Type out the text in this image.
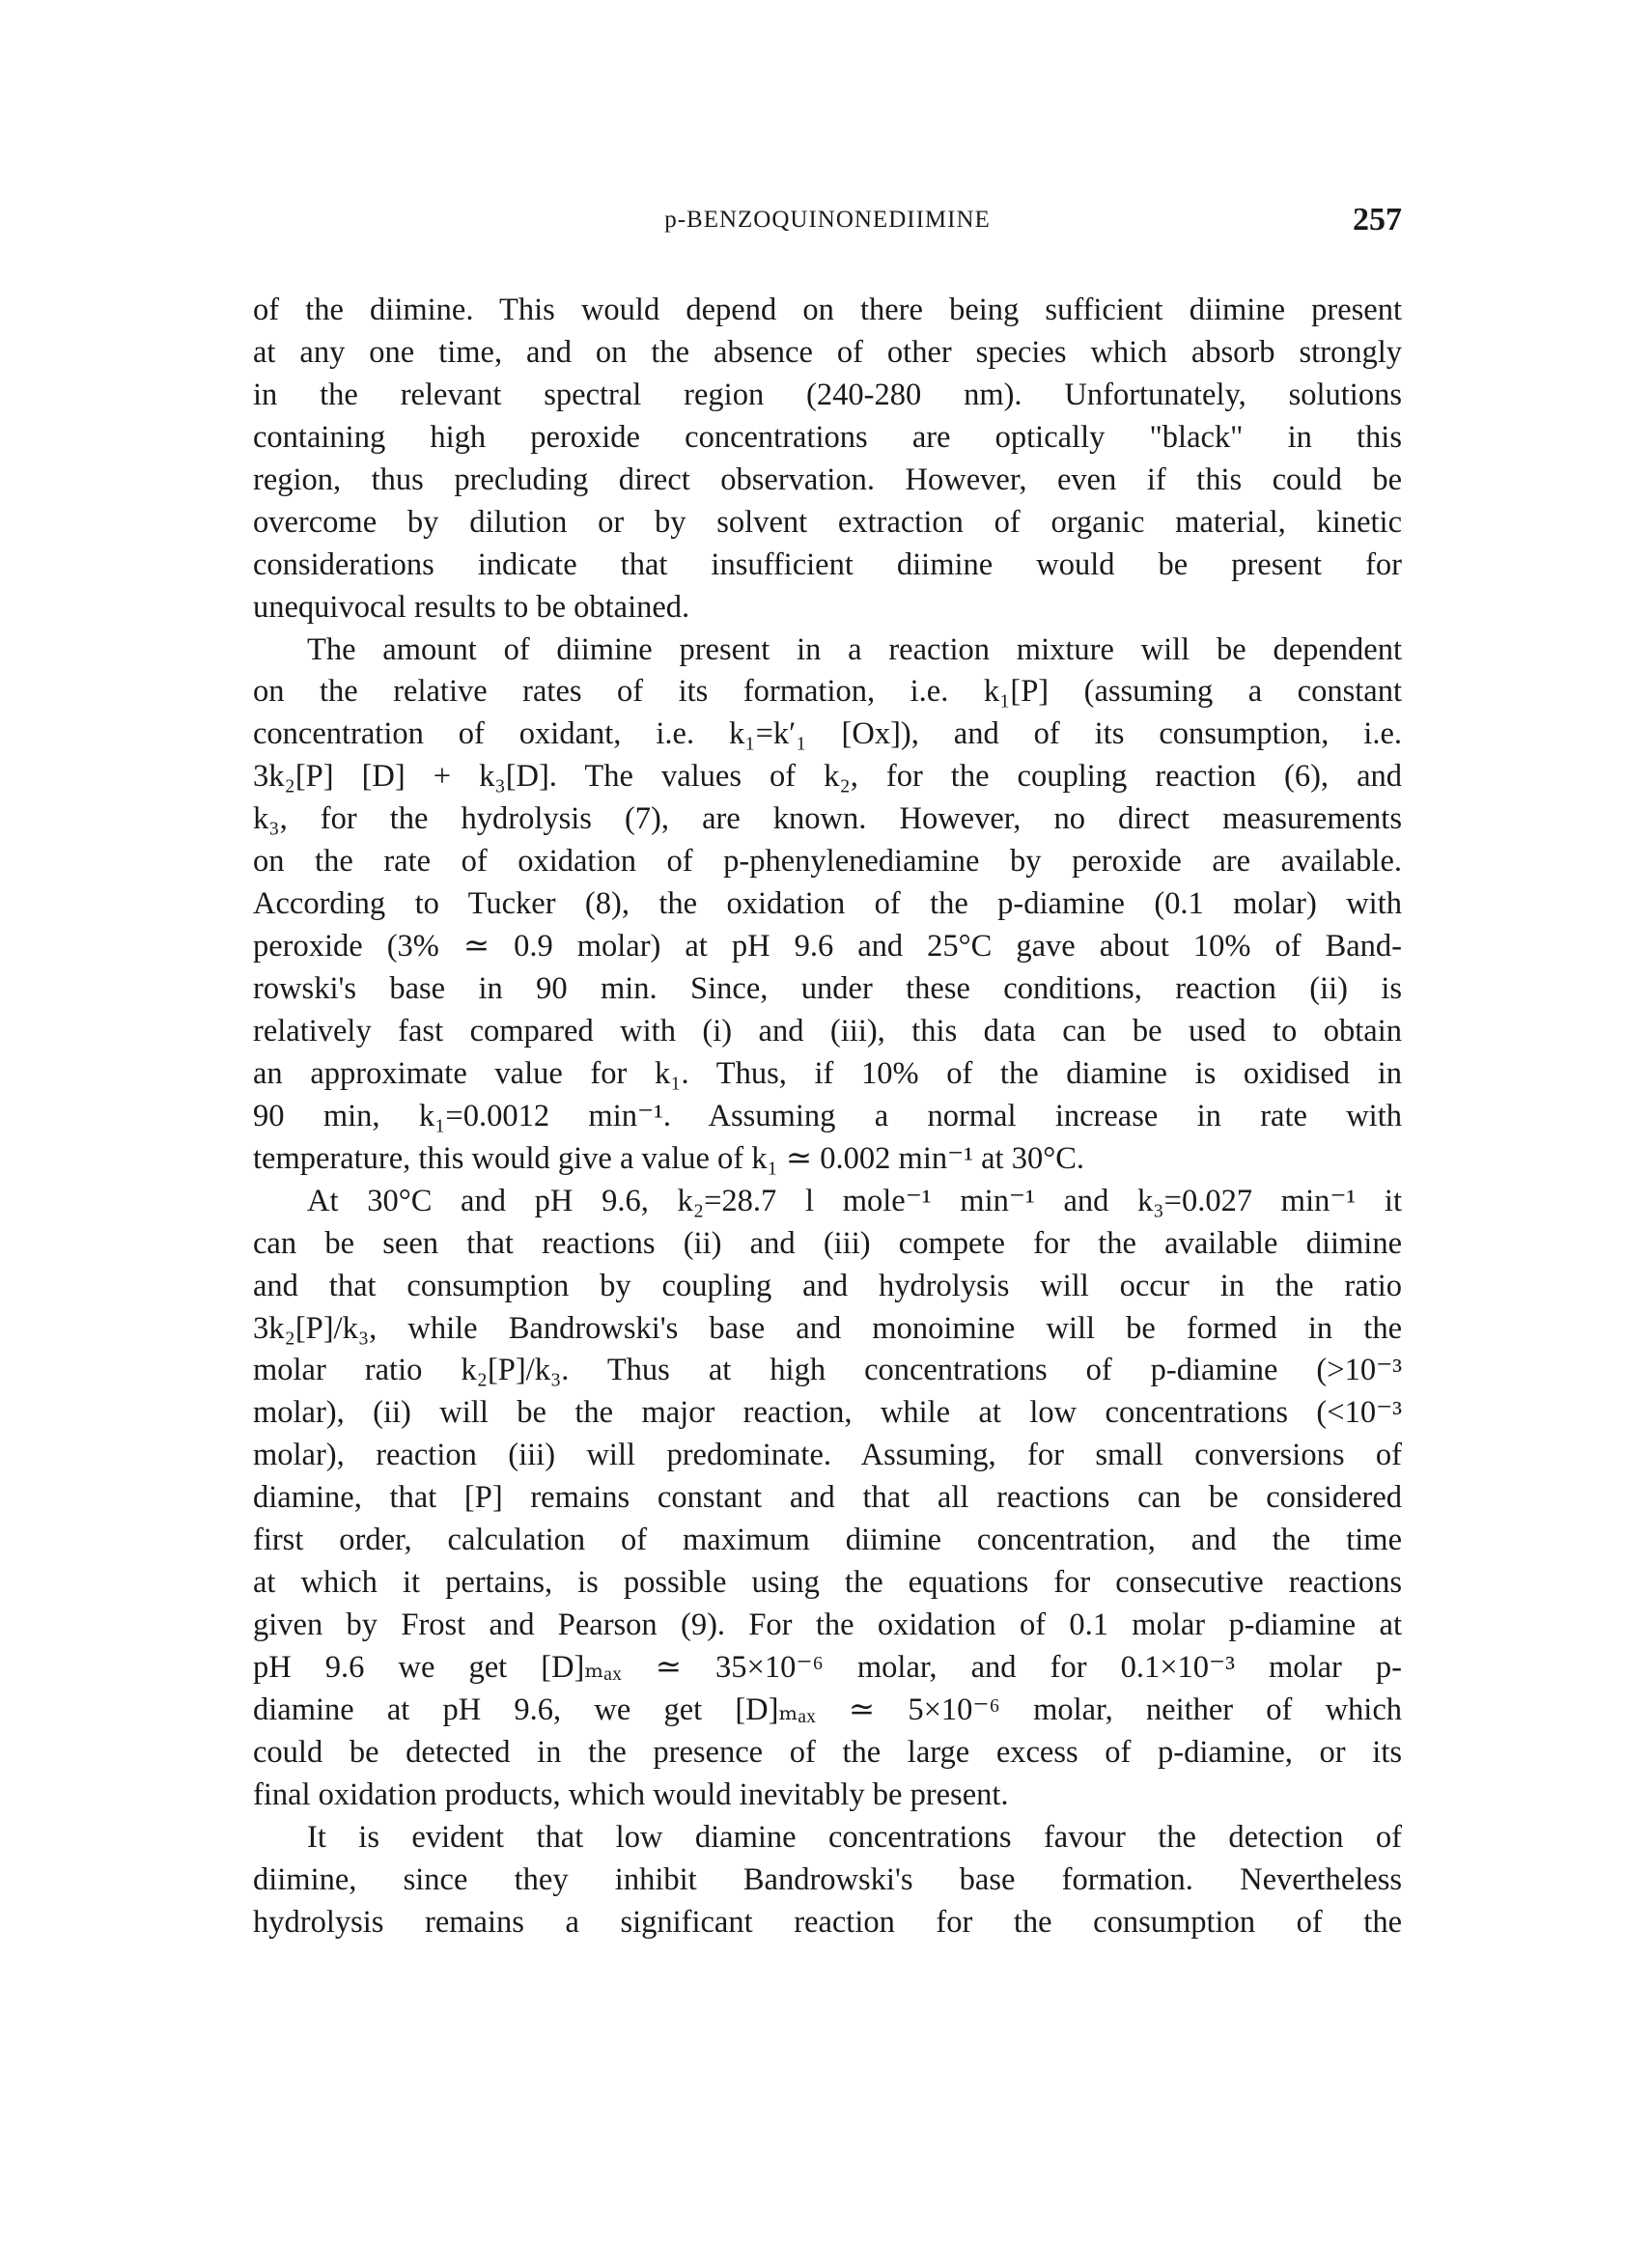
p-BENZOQUINONEDIIMINE	257
of the diimine. This would depend on there being sufficient diimine present
at any one time, and on the absence of other species which absorb strongly
in the relevant spectral region (240-280 nm). Unfortunately, solutions
containing high peroxide concentrations are optically "black" in this
region, thus precluding direct observation. However, even if this could be
overcome by dilution or by solvent extraction of organic material, kinetic
considerations indicate that insufficient diimine would be present for
unequivocal results to be obtained.
The amount of diimine present in a reaction mixture will be dependent
on the relative rates of its formation, i.e. k₁[P] (assuming a constant
concentration of oxidant, i.e. k₁=k′₁ [Ox]), and of its consumption, i.e.
3k₂[P] [D] + k₃[D]. The values of k₂, for the coupling reaction (6), and
k₃, for the hydrolysis (7), are known. However, no direct measurements
on the rate of oxidation of p-phenylenediamine by peroxide are available.
According to Tucker (8), the oxidation of the p-diamine (0.1 molar) with
peroxide (3% ≃ 0.9 molar) at pH 9.6 and 25°C gave about 10% of Band-
rowski's base in 90 min. Since, under these conditions, reaction (ii) is
relatively fast compared with (i) and (iii), this data can be used to obtain
an approximate value for k₁. Thus, if 10% of the diamine is oxidised in
90 min, k₁=0.0012 min⁻¹. Assuming a normal increase in rate with
temperature, this would give a value of k₁ ≃ 0.002 min⁻¹ at 30°C.
At 30°C and pH 9.6, k₂=28.7 l mole⁻¹ min⁻¹ and k₃=0.027 min⁻¹ it
can be seen that reactions (ii) and (iii) compete for the available diimine
and that consumption by coupling and hydrolysis will occur in the ratio
3k₂[P]/k₃, while Bandrowski's base and monoimine will be formed in the
molar ratio k₂[P]/k₃. Thus at high concentrations of p-diamine (>10⁻³
molar), (ii) will be the major reaction, while at low concentrations (<10⁻³
molar), reaction (iii) will predominate. Assuming, for small conversions of
diamine, that [P] remains constant and that all reactions can be considered
first order, calculation of maximum diimine concentration, and the time
at which it pertains, is possible using the equations for consecutive reactions
given by Frost and Pearson (9). For the oxidation of 0.1 molar p-diamine at
pH 9.6 we get [D]ₘₐₓ ≃ 35×10⁻⁶ molar, and for 0.1×10⁻³ molar p-
diamine at pH 9.6, we get [D]ₘₐₓ ≃ 5×10⁻⁶ molar, neither of which
could be detected in the presence of the large excess of p-diamine, or its
final oxidation products, which would inevitably be present.
It is evident that low diamine concentrations favour the detection of
diimine, since they inhibit Bandrowski's base formation. Nevertheless
hydrolysis remains a significant reaction for the consumption of the
